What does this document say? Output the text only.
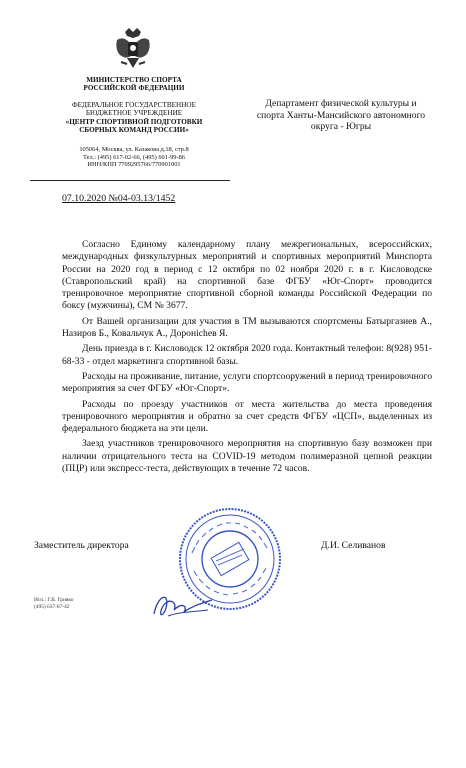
МИНИСТЕРСТВО СПОРТА
РОССИЙСКОЙ ФЕДЕРАЦИИ
ФЕДЕРАЛЬНОЕ ГОСУДАРСТВЕННОЕ
БЮДЖЕТНОЕ УЧРЕЖДЕНИЕ
«ЦЕНТР СПОРТИВНОЙ ПОДГОТОВКИ
СБОРНЫХ КОМАНД РОССИИ»
105064, Москва, ул. Казакова д.18, стр.8
Тел.: (495) 617-02-66, (495) 601-99-86
ИНН/КПП 7709295766/770901001
Департамент физической культуры и
спорта Ханты-Мансийского автономного
округа - Югры
07.10.2020 №04-03.13/1452

Согласно Единому календарному плану межрегиональных, всероссийских, международных физкультурных мероприятий и спортивных мероприятий Минспорта России на 2020 год в период с 12 октября по 02 ноября 2020 г. в г. Кисловодске (Ставропольский край) на спортивной базе ФГБУ «Юг-Спорт» проводится тренировочное мероприятие спортивной сборной команды Российской Федерации по боксу (мужчины), СМ № 3677.

От Вашей организации для участия в ТМ вызываются спортсмены Батыргазиев А., Назиров Б., Ковальчук А., Доронichев Я.

День приезда в г. Кисловодск 12 октября 2020 года. Контактный телефон: 8(928) 951-68-33 - отдел маркетинга спортивной базы.

Расходы на проживание, питание, услуги спортсооружений в период тренировочного мероприятия за счет ФГБУ «Юг-Спорт».

Расходы по проезду участников от места жительства до места проведения тренировочного мероприятия и обратно за счет средств ФГБУ «ЦСП», выделенных из федерального бюджета на эти цели.

Заезд участников тренировочного мероприятия на спортивную базу возможен при наличии отрицательного теста на COVID-19 методом полимеразной цепной реакции (ПЦР) или экспресс-теста, действующих в течение 72 часов.

Заместитель директора	Д.И. Селиванов
Исп.: Г.В. Гривко
(495) 637-07-42
